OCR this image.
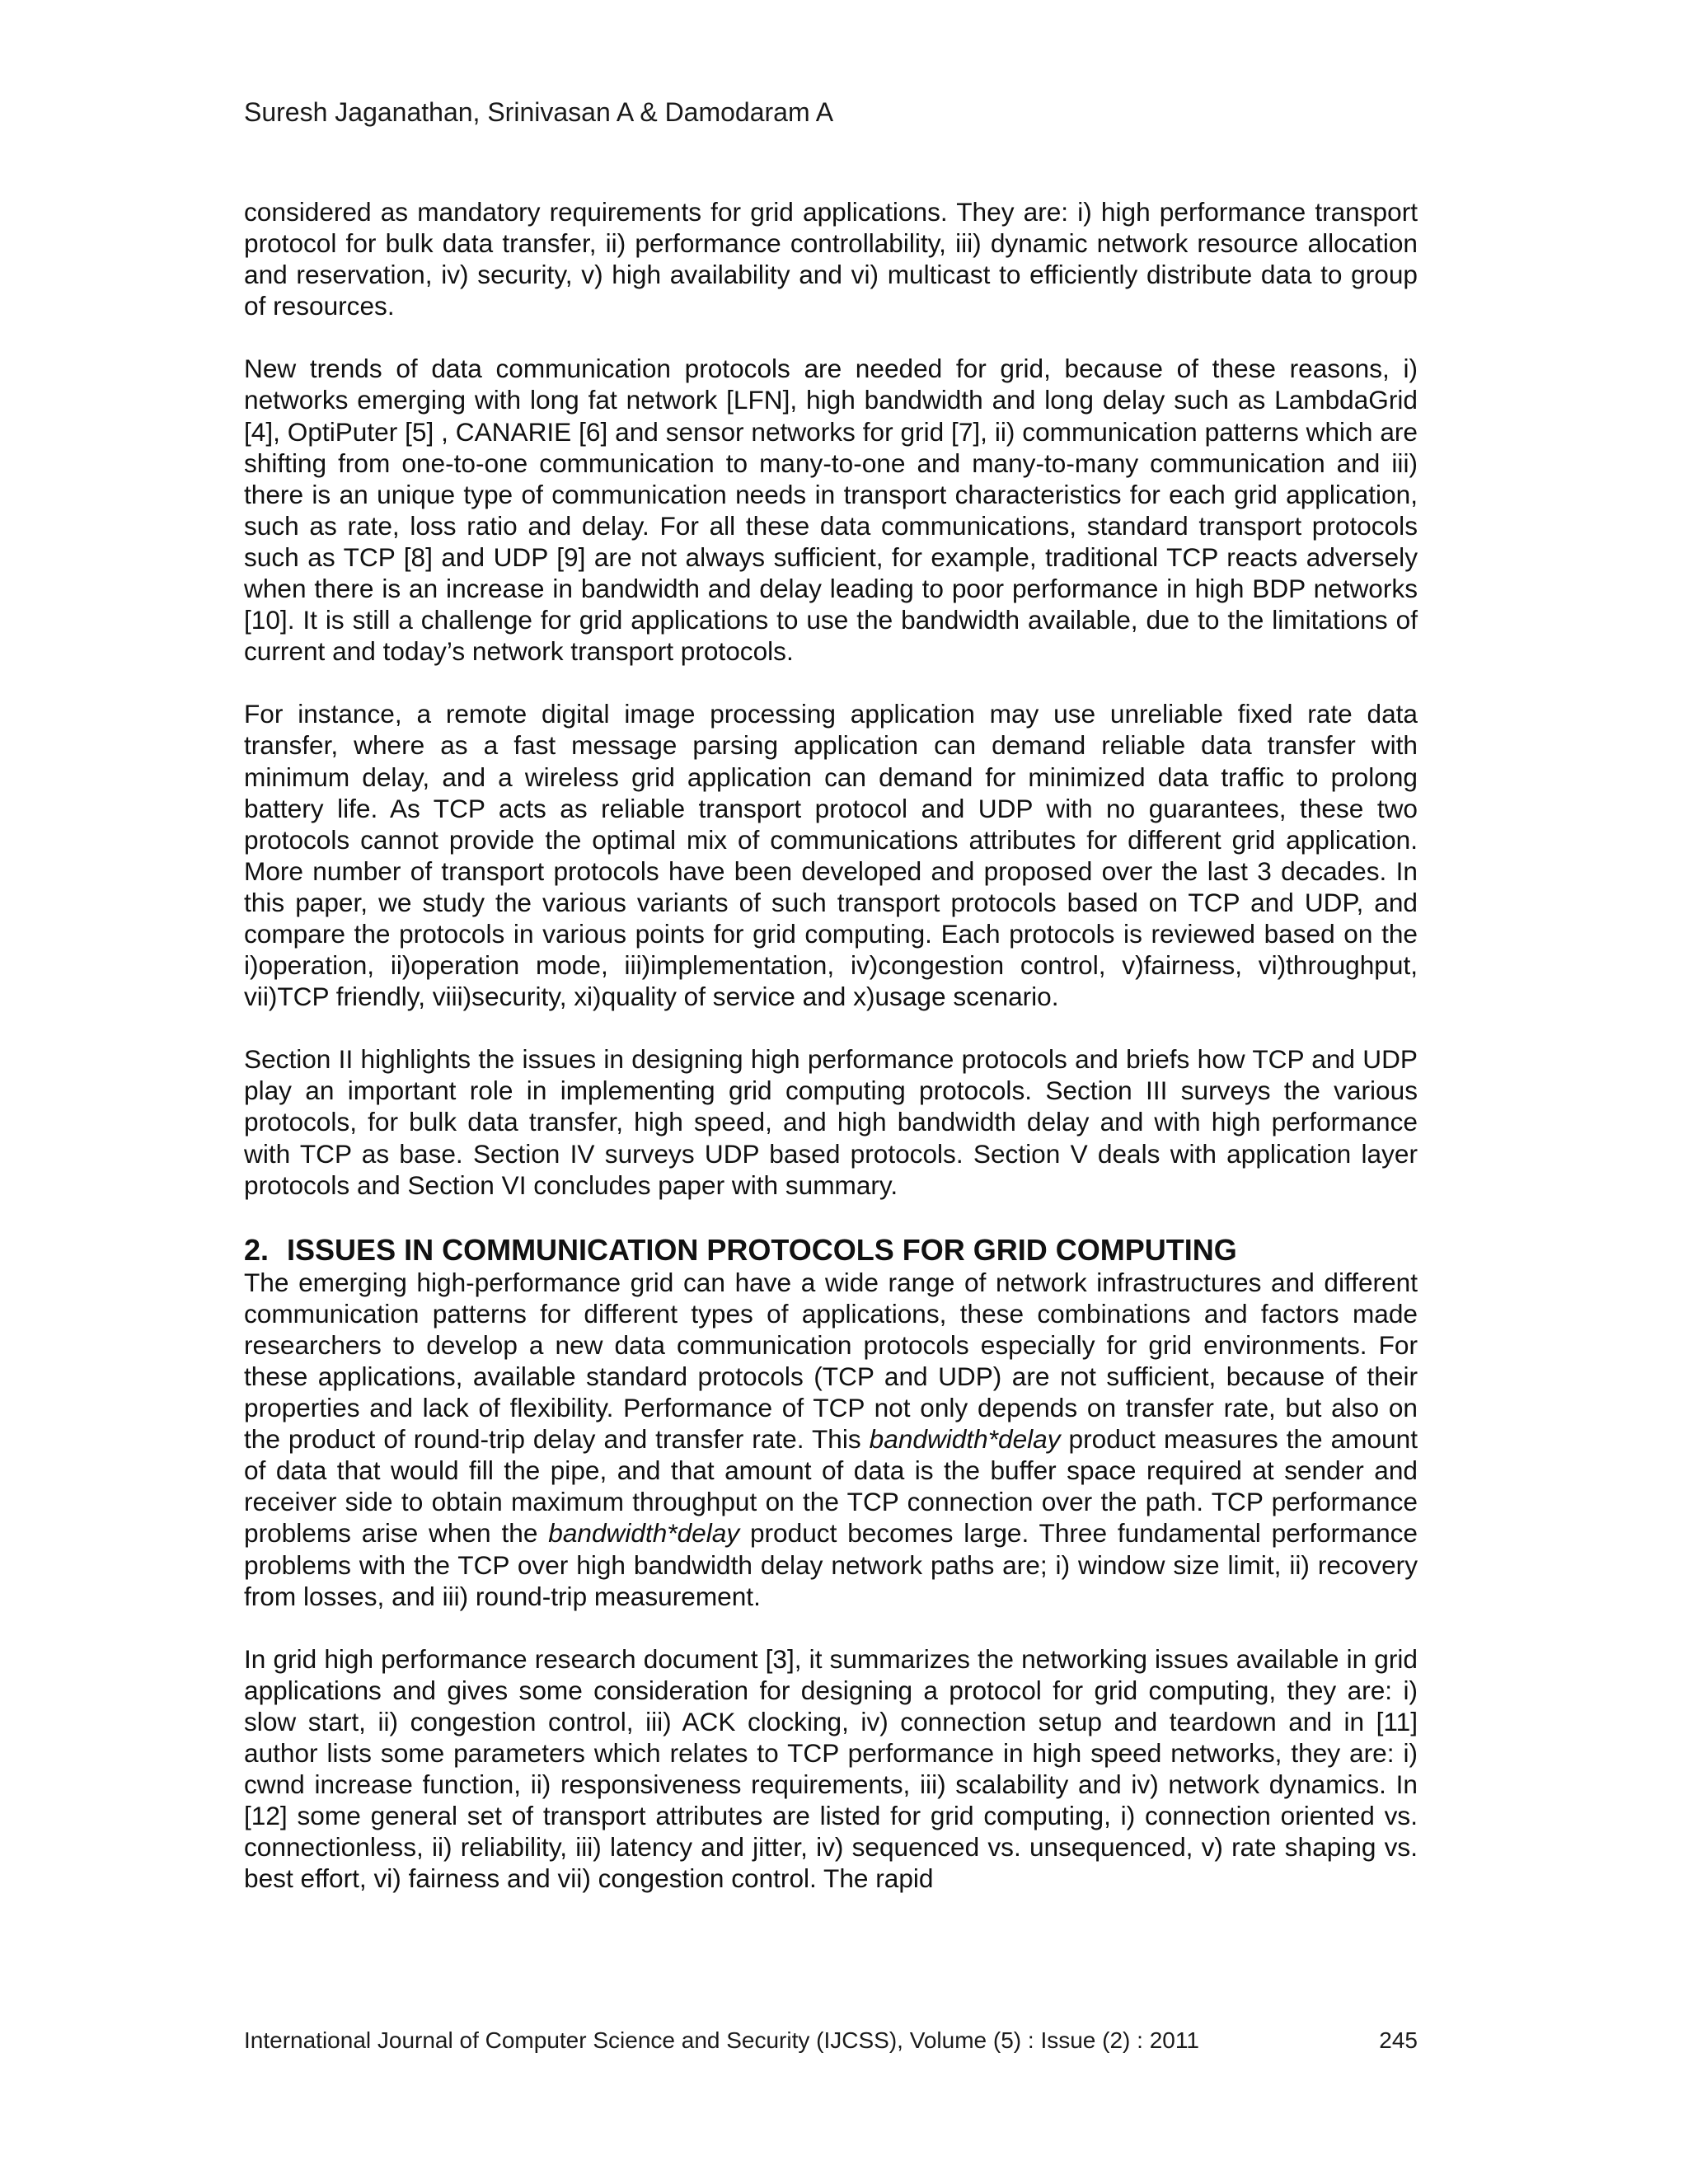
Suresh Jaganathan, Srinivasan A & Damodaram A

considered as mandatory requirements for grid applications. They are: i) high performance transport protocol for bulk data transfer, ii) performance controllability, iii) dynamic network resource allocation and reservation, iv) security, v) high availability and vi) multicast to efficiently distribute data to group of resources.

New trends of data communication protocols are needed for grid, because of these reasons, i) networks emerging with long fat network [LFN], high bandwidth and long delay such as LambdaGrid [4], OptiPuter [5] , CANARIE [6] and sensor networks for grid [7], ii) communication patterns which are shifting from one-to-one communication to many-to-one and many-to-many communication and iii) there is an unique type of communication needs in transport characteristics for each grid application, such as rate, loss ratio and delay. For all these data communications, standard transport protocols such as TCP [8] and UDP [9] are not always sufficient, for example, traditional TCP reacts adversely when there is an increase in bandwidth and delay leading to poor performance in high BDP networks [10]. It is still a challenge for grid applications to use the bandwidth available, due to the limitations of current and today’s network transport protocols.

For instance, a remote digital image processing application may use unreliable fixed rate data transfer, where as a fast message parsing application can demand reliable data transfer with minimum delay, and a wireless grid application can demand for minimized data traffic to prolong battery life. As TCP acts as reliable transport protocol and UDP with no guarantees, these two protocols cannot provide the optimal mix of communications attributes for different grid application. More number of transport protocols have been developed and proposed over the last 3 decades. In this paper, we study the various variants of such transport protocols based on TCP and UDP, and compare the protocols in various points for grid computing. Each protocols is reviewed based on the i)operation, ii)operation mode, iii)implementation, iv)congestion control, v)fairness, vi)throughput, vii)TCP friendly, viii)security, xi)quality of service and x)usage scenario.

Section II highlights the issues in designing high performance protocols and briefs how TCP and UDP play an important role in implementing grid computing protocols. Section III surveys the various protocols, for bulk data transfer, high speed, and high bandwidth delay and with high performance with TCP as base. Section IV surveys UDP based protocols. Section V deals with application layer protocols and Section VI concludes paper with summary.

2. ISSUES IN COMMUNICATION PROTOCOLS FOR GRID COMPUTING

The emerging high-performance grid can have a wide range of network infrastructures and different communication patterns for different types of applications, these combinations and factors made researchers to develop a new data communication protocols especially for grid environments. For these applications, available standard protocols (TCP and UDP) are not sufficient, because of their properties and lack of flexibility. Performance of TCP not only depends on transfer rate, but also on the product of round-trip delay and transfer rate. This bandwidth*delay product measures the amount of data that would fill the pipe, and that amount of data is the buffer space required at sender and receiver side to obtain maximum throughput on the TCP connection over the path. TCP performance problems arise when the bandwidth*delay product becomes large. Three fundamental performance problems with the TCP over high bandwidth delay network paths are; i) window size limit, ii) recovery from losses, and iii) round-trip measurement.

In grid high performance research document [3], it summarizes the networking issues available in grid applications and gives some consideration for designing a protocol for grid computing, they are: i) slow start, ii) congestion control, iii) ACK clocking, iv) connection setup and teardown and in [11] author lists some parameters which relates to TCP performance in high speed networks, they are: i) cwnd increase function, ii) responsiveness requirements, iii) scalability and iv) network dynamics. In [12] some general set of transport attributes are listed for grid computing, i) connection oriented vs. connectionless, ii) reliability, iii) latency and jitter, iv) sequenced vs. unsequenced, v) rate shaping vs. best effort, vi) fairness and vii) congestion control. The rapid

International Journal of Computer Science and Security (IJCSS), Volume (5) : Issue (2) : 2011	245
